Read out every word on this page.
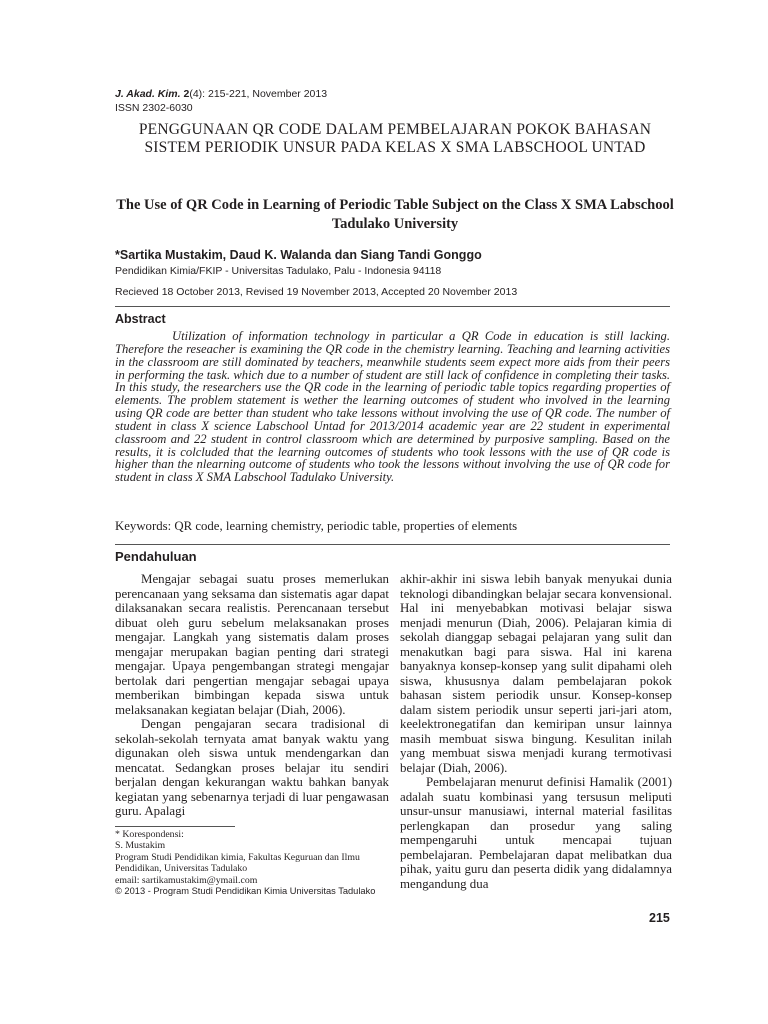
J. Akad. Kim. 2(4): 215-221, November 2013
ISSN 2302-6030
PENGGUNAAN QR CODE DALAM PEMBELAJARAN POKOK BAHASAN SISTEM PERIODIK UNSUR PADA KELAS X SMA LABSCHOOL UNTAD
The Use of QR Code in Learning of Periodic Table Subject on the Class X SMA Labschool Tadulako University
*Sartika Mustakim, Daud K. Walanda dan Siang Tandi Gonggo
Pendidikan Kimia/FKIP - Universitas Tadulako, Palu - Indonesia 94118
Recieved 18 October 2013, Revised 19 November 2013, Accepted 20 November 2013
Abstract
Utilization of information technology in particular a QR Code in education is still lacking. Therefore the reseacher is examining the QR code in the chemistry learning. Teaching and learning activities in the classroom are still dominated by teachers, meanwhile students seem expect more aids from their peers in performing the task. which due to a number of student are still lack of confidence in completing their tasks. In this study, the researchers use the QR code in the learning of periodic table topics regarding properties of elements. The problem statement is wether the learning outcomes of student who involved in the learning using QR code are better than student who take lessons without involving the use of QR code. The number of student in class X science Labschool Untad for 2013/2014 academic year are 22 student in experimental classroom and 22 student in control classroom which are determined by purposive sampling. Based on the results, it is colcluded that the learning outcomes of students who took lessons with the use of QR code is higher than the nlearning outcome of students who took the lessons without involving the use of QR code for student in class X SMA Labschool Tadulako University.
Keywords: QR code, learning chemistry, periodic table, properties of elements
Pendahuluan

Mengajar sebagai suatu proses memerlukan perencanaan yang seksama dan sistematis agar dapat dilaksanakan secara realistis. Perencanaan tersebut dibuat oleh guru sebelum melaksanakan proses mengajar. Langkah yang sistematis dalam proses mengajar merupakan bagian penting dari strategi mengajar. Upaya pengembangan strategi mengajar bertolak dari pengertian mengajar sebagai upaya memberikan bimbingan kepada siswa untuk melaksanakan kegiatan belajar (Diah, 2006).

Dengan pengajaran secara tradisional di sekolah-sekolah ternyata amat banyak waktu yang digunakan oleh siswa untuk mendengarkan dan mencatat. Sedangkan proses belajar itu sendiri berjalan dengan kekurangan waktu bahkan banyak kegiatan yang sebenarnya terjadi di luar pengawasan guru. Apalagi

akhir-akhir ini siswa lebih banyak menyukai dunia teknologi dibandingkan belajar secara konvensional. Hal ini menyebabkan motivasi belajar siswa menjadi menurun (Diah, 2006). Pelajaran kimia di sekolah dianggap sebagai pelajaran yang sulit dan menakutkan bagi para siswa. Hal ini karena banyaknya konsep-konsep yang sulit dipahami oleh siswa, khususnya dalam pembelajaran pokok bahasan sistem periodik unsur. Konsep-konsep dalam sistem periodik unsur seperti jari-jari atom, keelektronegatifan dan kemiripan unsur lainnya masih membuat siswa bingung. Kesulitan inilah yang membuat siswa menjadi kurang termotivasi belajar (Diah, 2006).

Pembelajaran menurut definisi Hamalik (2001) adalah suatu kombinasi yang tersusun meliputi unsur-unsur manusiawi, internal material fasilitas perlengkapan dan prosedur yang saling mempengaruhi untuk mencapai tujuan pembelajaran. Pembelajaran dapat melibatkan dua pihak, yaitu guru dan peserta didik yang didalamnya mengandung dua

* Korespondensi:
S. Mustakim
Program Studi Pendidikan kimia, Fakultas Keguruan dan Ilmu Pendidikan, Universitas Tadulako
email: sartikamustakim@ymail.com
© 2013 - Program Studi Pendidikan Kimia Universitas Tadulako
215
